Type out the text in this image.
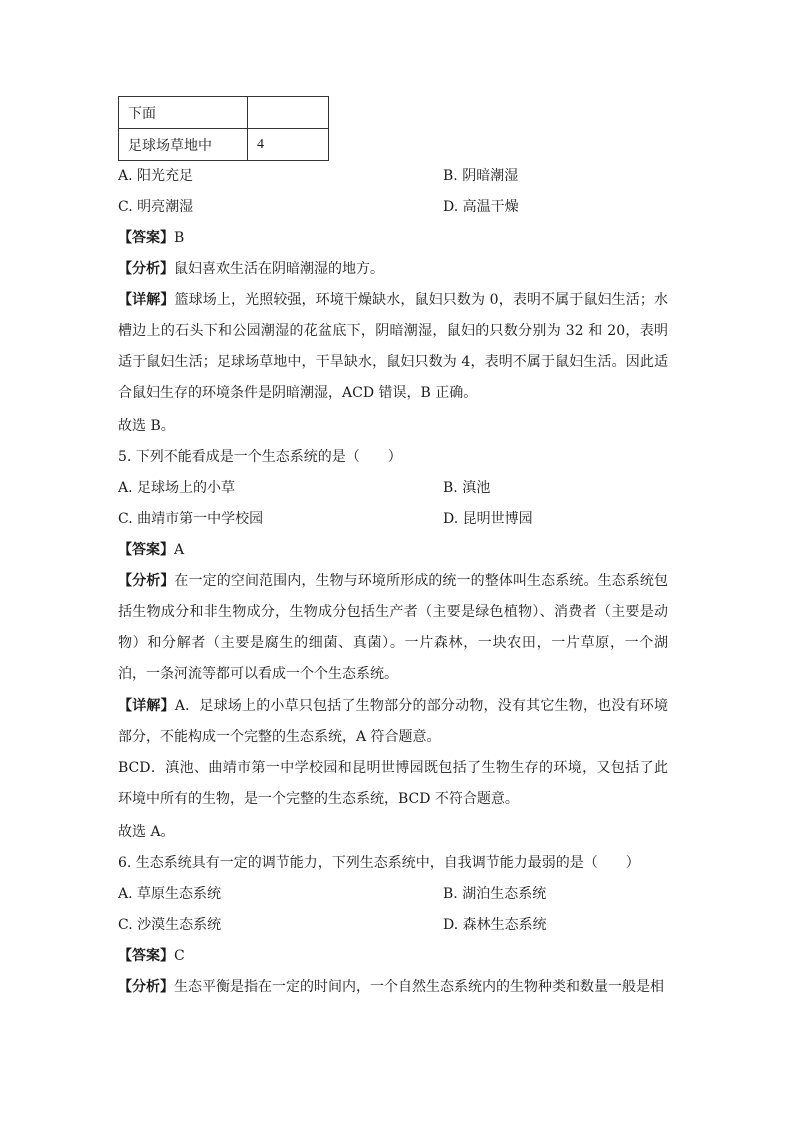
下面	
足球场草地中	4
A. 阳光充足	B. 阴暗潮湿
C. 明亮潮湿	D. 高温干燥
【答案】B
【分析】鼠妇喜欢生活在阴暗潮湿的地方。
【详解】篮球场上，光照较强，环境干燥缺水，鼠妇只数为 0，表明不属于鼠妇生活；水槽边上的石头下和公园潮湿的花盆底下，阴暗潮湿，鼠妇的只数分别为 32 和 20，表明适于鼠妇生活；足球场草地中，干旱缺水，鼠妇只数为 4，表明不属于鼠妇生活。因此适合鼠妇生存的环境条件是阴暗潮湿，ACD 错误，B 正确。
故选 B。
5. 下列不能看成是一个生态系统的是（　　）
A. 足球场上的小草	B. 滇池
C. 曲靖市第一中学校园	D. 昆明世博园
【答案】A
【分析】在一定的空间范围内，生物与环境所形成的统一的整体叫生态系统。生态系统包括生物成分和非生物成分，生物成分包括生产者（主要是绿色植物）、消费者（主要是动物）和分解者（主要是腐生的细菌、真菌）。一片森林，一块农田，一片草原，一个湖泊，一条河流等都可以看成一个个生态系统。
【详解】A．足球场上的小草只包括了生物部分的部分动物，没有其它生物，也没有环境部分，不能构成一个完整的生态系统，A 符合题意。
BCD．滇池、曲靖市第一中学校园和昆明世博园既包括了生物生存的环境，又包括了此环境中所有的生物，是一个完整的生态系统，BCD 不符合题意。
故选 A。
6. 生态系统具有一定的调节能力，下列生态系统中，自我调节能力最弱的是（　　）
A. 草原生态系统	B. 湖泊生态系统
C. 沙漠生态系统	D. 森林生态系统
【答案】C
【分析】生态平衡是指在一定的时间内，一个自然生态系统内的生物种类和数量一般是相
